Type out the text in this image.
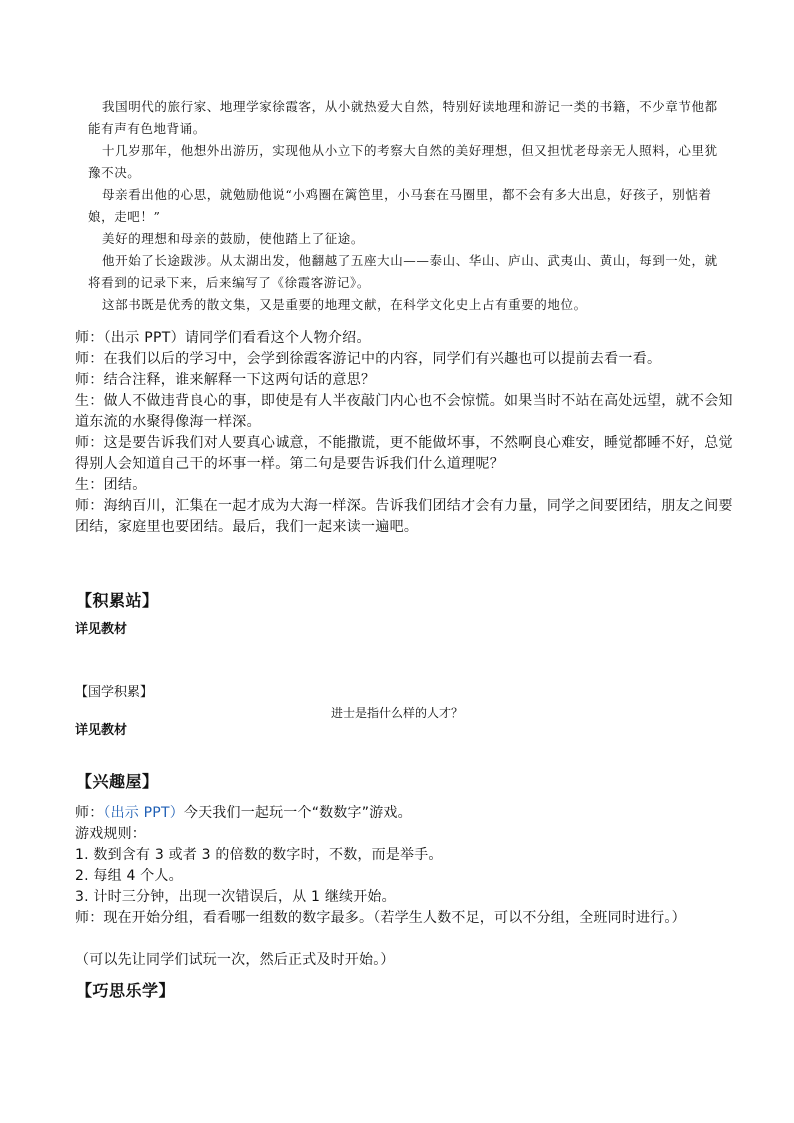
我国明代的旅行家、地理学家徐霞客，从小就热爱大自然，特别好读地理和游记一类的书籍，不少章节他都能有声有色地背诵。

十几岁那年，他想外出游历，实现他从小立下的考察大自然的美好理想，但又担忧老母亲无人照料，心里犹豫不决。

母亲看出他的心思，就勉励他说“小鸡圈在篱笆里，小马套在马圈里，都不会有多大出息，好孩子，别惦着娘，走吧！”

美好的理想和母亲的鼓励，使他踏上了征途。

他开始了长途跋涉。从太湖出发，他翻越了五座大山——泰山、华山、庐山、武夷山、黄山，每到一处，就将看到的记录下来，后来编写了《徐霞客游记》。

这部书既是优秀的散文集，又是重要的地理文献，在科学文化史上占有重要的地位。

师：（出示 PPT）请同学们看看这个人物介绍。

师：在我们以后的学习中，会学到徐霞客游记中的内容，同学们有兴趣也可以提前去看一看。

师：结合注释，谁来解释一下这两句话的意思？

生：做人不做违背良心的事，即使是有人半夜敲门内心也不会惊慌。如果当时不站在高处远望，就不会知道东流的水聚得像海一样深。

师：这是要告诉我们对人要真心诚意，不能撒谎，更不能做坏事，不然啊良心难安，睡觉都睡不好，总觉得别人会知道自己干的坏事一样。第二句是要告诉我们什么道理呢？

生：团结。

师：海纳百川，汇集在一起才成为大海一样深。告诉我们团结才会有力量，同学之间要团结，朋友之间要团结，家庭里也要团结。最后，我们一起来读一遍吧。

【积累站】

详见教材

【国学积累】

进士是指什么样的人才？

详见教材

【兴趣屋】

师：（出示 PPT）今天我们一起玩一个“数数字”游戏。

游戏规则：

1. 数到含有 3 或者 3 的倍数的数字时，不数，而是举手。

2. 每组 4 个人。

3. 计时三分钟，出现一次错误后，从 1 继续开始。

师：现在开始分组，看看哪一组数的数字最多。（若学生人数不足，可以不分组，全班同时进行。）

（可以先让同学们试玩一次，然后正式及时开始。）

【巧思乐学】
